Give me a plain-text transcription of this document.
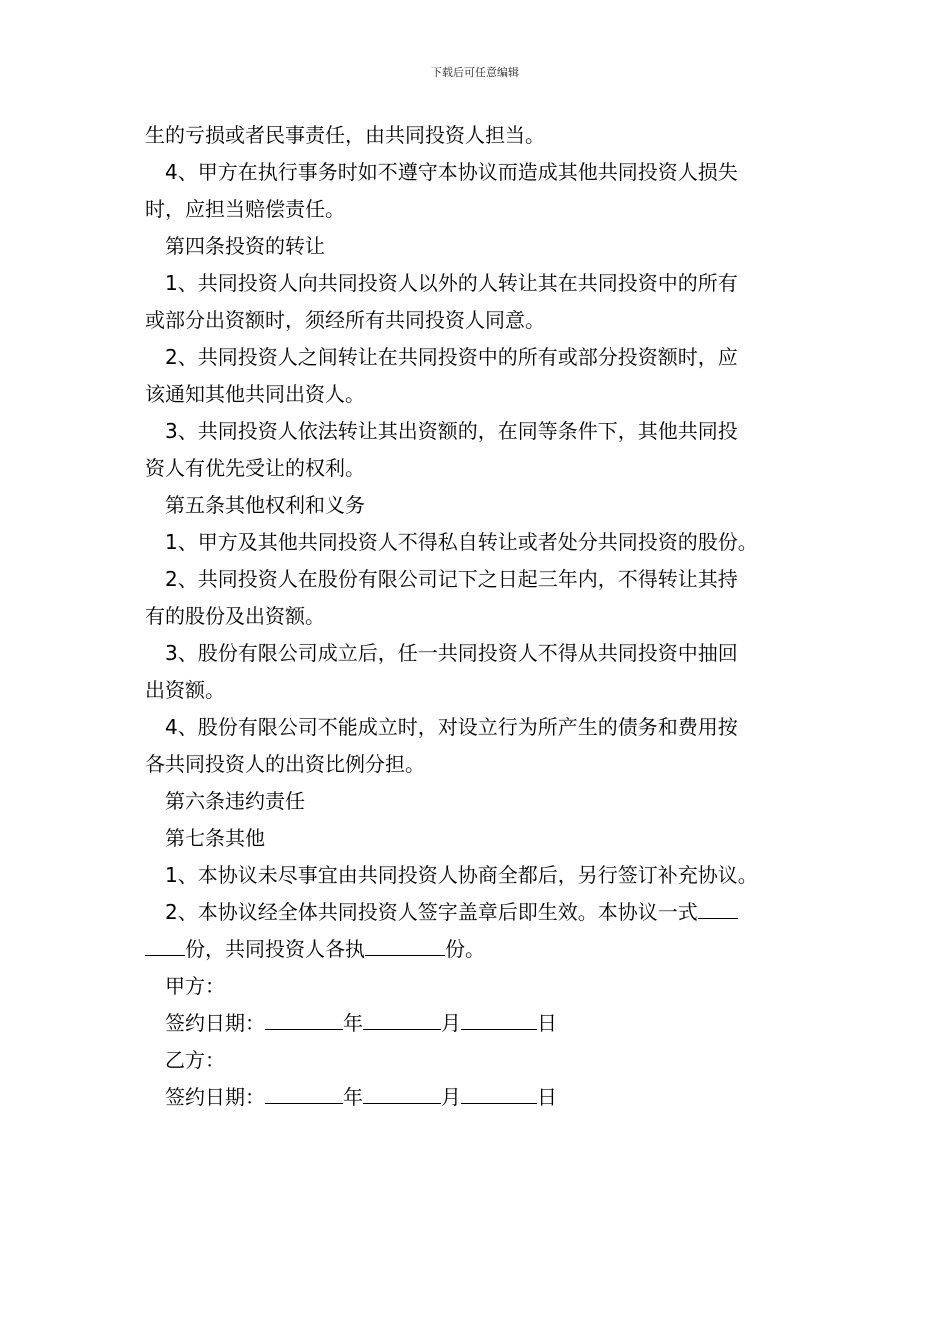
下载后可任意编辑
生的亏损或者民事责任，由共同投资人担当。
4、甲方在执行事务时如不遵守本协议而造成其他共同投资人损失
时，应担当赔偿责任。
第四条投资的转让
1、共同投资人向共同投资人以外的人转让其在共同投资中的所有
或部分出资额时，须经所有共同投资人同意。
2、共同投资人之间转让在共同投资中的所有或部分投资额时，应
该通知其他共同出资人。
3、共同投资人依法转让其出资额的，在同等条件下，其他共同投
资人有优先受让的权利。
第五条其他权利和义务
1、甲方及其他共同投资人不得私自转让或者处分共同投资的股份。
2、共同投资人在股份有限公司记下之日起三年内，不得转让其持
有的股份及出资额。
3、股份有限公司成立后，任一共同投资人不得从共同投资中抽回
出资额。
4、股份有限公司不能成立时，对设立行为所产生的债务和费用按
各共同投资人的出资比例分担。
第六条违约责任
第七条其他
1、本协议未尽事宜由共同投资人协商全都后，另行签订补充协议。
2、本协议经全体共同投资人签字盖章后即生效。本协议一式
份，共同投资人各执	份。
甲方：
签约日期：	年	月	日
乙方：
签约日期：	年	月	日
